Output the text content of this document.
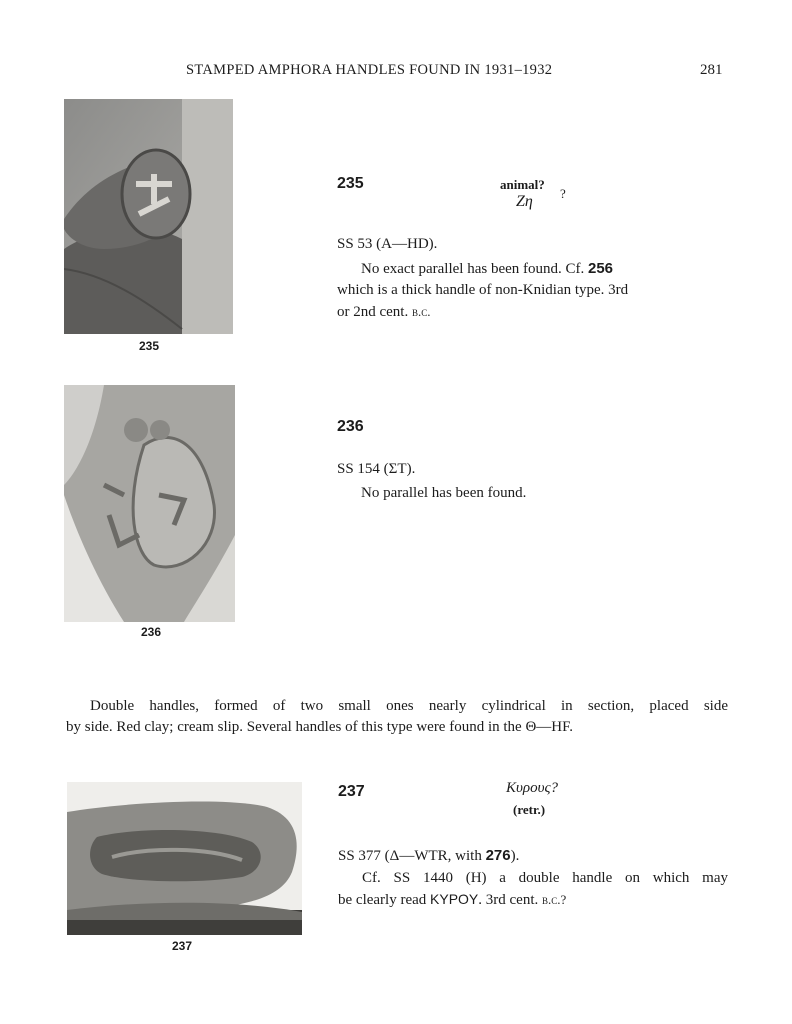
STAMPED AMPHORA HANDLES FOUND IN 1931–1932	281
235
235	animal?
Ζη ?
SS 53 (Α—HD).
No exact parallel has been found. Cf. 256
which is a thick handle of non-Knidian type. 3rd
or 2nd cent. b.c.
236
236
SS 154 (ΣΤ).
No parallel has been found.
Double handles, formed of two small ones nearly cylindrical in section, placed side
by side. Red clay; cream slip. Several handles of this type were found in the Θ—HF.
237
237	Κυρους?
(retr.)
SS 377 (Δ—WTR, with 276).
Cf. SS 1440 (H) a double handle on which may
be clearly read KYPOY. 3rd cent. b.c.?
